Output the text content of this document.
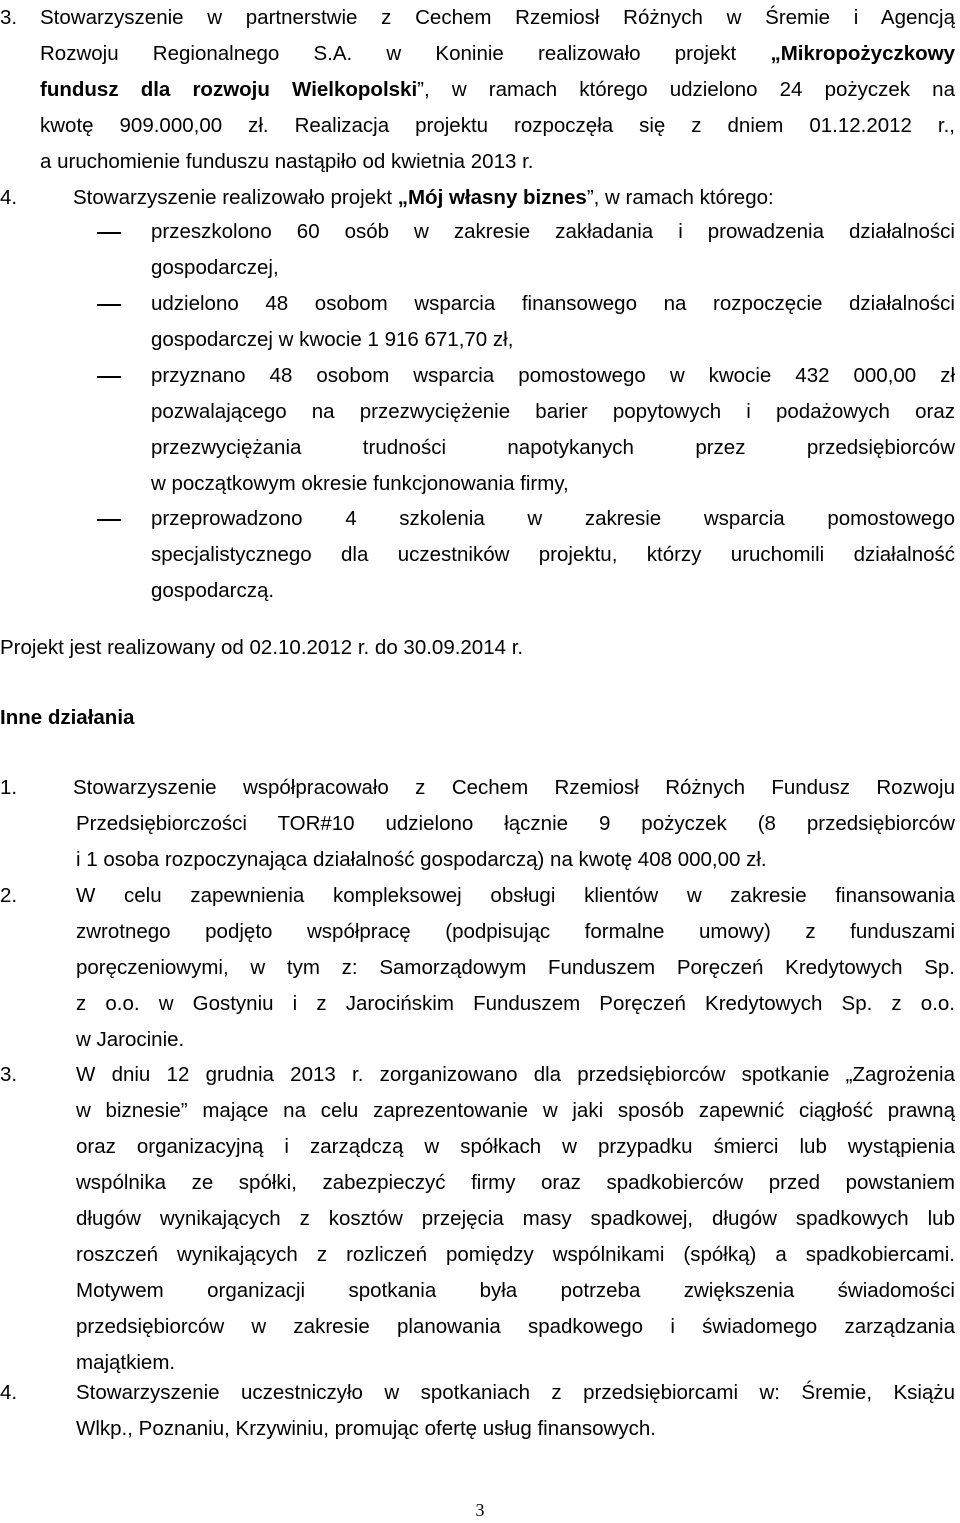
3.	Stowarzyszenie w partnerstwie z Cechem Rzemiosł Różnych w Śremie i Agencją
Rozwoju Regionalnego S.A. w Koninie realizowało projekt „Mikropożyczkowy
fundusz dla rozwoju Wielkopolski”, w ramach którego udzielono 24 pożyczek na
kwotę 909.000,00 zł. Realizacja projektu rozpoczęła się z dniem 01.12.2012 r.,
a uruchomienie funduszu nastąpiło od kwietnia 2013 r.
4.	Stowarzyszenie realizowało projekt „Mój własny biznes”, w ramach którego:
przeszkolono 60 osób w zakresie zakładania i prowadzenia działalności
gospodarczej,
udzielono 48 osobom wsparcia finansowego na rozpoczęcie działalności
gospodarczej w kwocie 1 916 671,70 zł,
przyznano 48 osobom wsparcia pomostowego w kwocie 432 000,00 zł
pozwalającego na przezwyciężenie barier popytowych i podażowych oraz
przezwyciężania trudności napotykanych przez przedsiębiorców
w początkowym okresie funkcjonowania firmy,
przeprowadzono 4 szkolenia w zakresie wsparcia pomostowego
specjalistycznego dla uczestników projektu, którzy uruchomili działalność
gospodarczą.
Projekt jest realizowany od 02.10.2012 r. do 30.09.2014 r.
Inne działania
1.	Stowarzyszenie współpracowało z Cechem Rzemiosł Różnych Fundusz Rozwoju
Przedsiębiorczości TOR#10 udzielono łącznie 9 pożyczek (8 przedsiębiorców
i 1 osoba rozpoczynająca działalność gospodarczą) na kwotę 408 000,00 zł.
2.	W celu zapewnienia kompleksowej obsługi klientów w zakresie finansowania
zwrotnego podjęto współpracę (podpisując formalne umowy) z funduszami
poręczeniowymi, w tym z: Samorządowym Funduszem Poręczeń Kredytowych Sp.
z o.o. w Gostyniu i z Jarocińskim Funduszem Poręczeń Kredytowych Sp. z o.o.
w Jarocinie.
3.	W dniu 12 grudnia 2013 r. zorganizowano dla przedsiębiorców spotkanie „Zagrożenia
w biznesie” mające na celu zaprezentowanie w jaki sposób zapewnić ciągłość prawną
oraz organizacyjną i zarządczą w spółkach w przypadku śmierci lub wystąpienia
wspólnika ze spółki, zabezpieczyć firmy oraz spadkobierców przed powstaniem
długów wynikających z kosztów przejęcia masy spadkowej, długów spadkowych lub
roszczeń wynikających z rozliczeń pomiędzy wspólnikami (spółką) a spadkobiercami.
Motywem organizacji spotkania była potrzeba zwiększenia świadomości
przedsiębiorców w zakresie planowania spadkowego i świadomego zarządzania
majątkiem.
4.	Stowarzyszenie uczestniczyło w spotkaniach z przedsiębiorcami w: Śremie, Książu
Wlkp., Poznaniu, Krzywiniu, promując ofertę usług finansowych.
3
